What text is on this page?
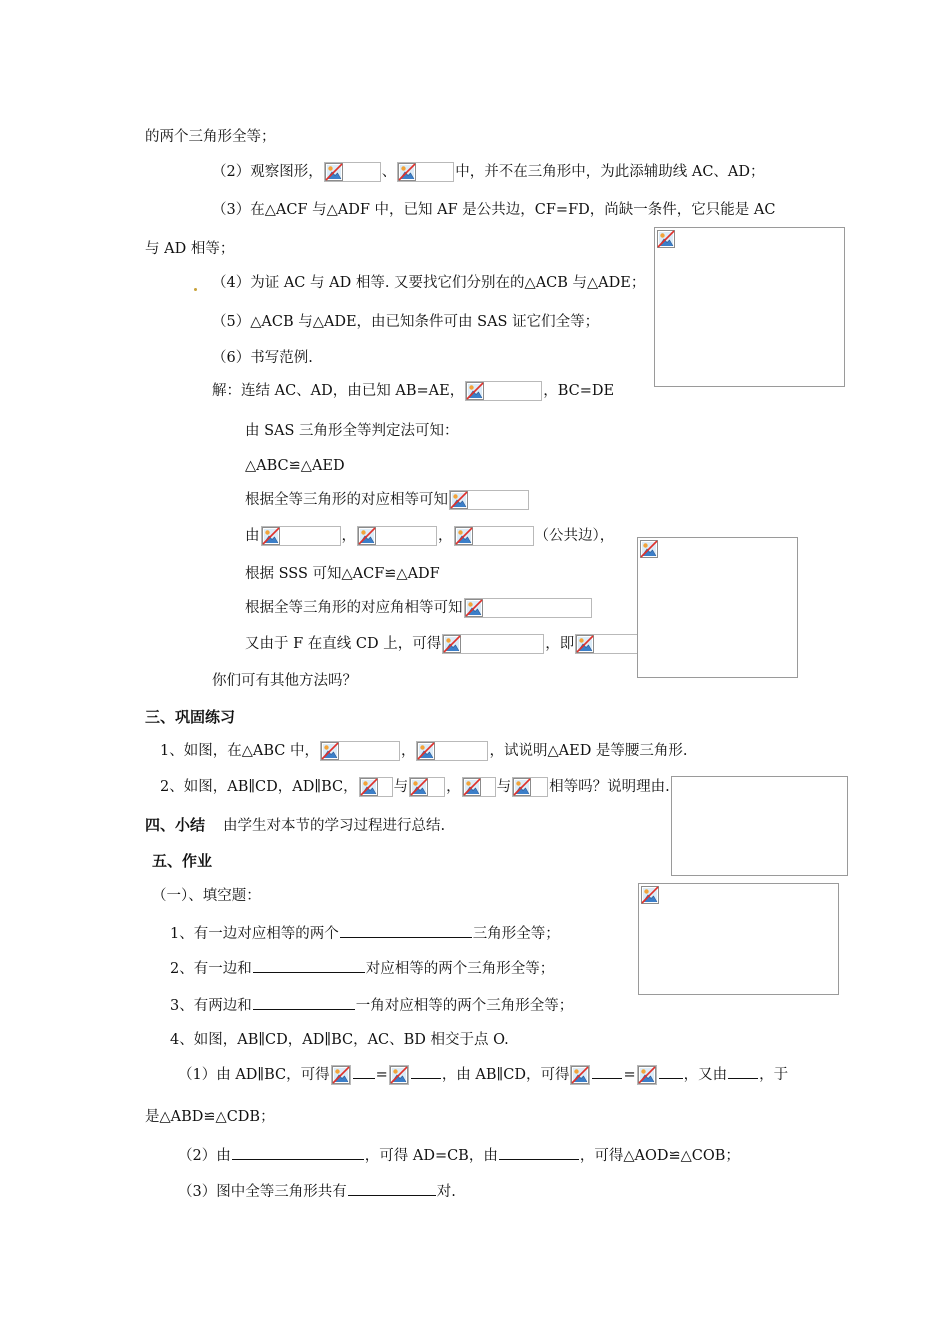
的两个三角形全等；
（2）观察图形，	、	中，并不在三角形中，为此添辅助线 AC、AD；
（3）在△ACF 与△ADF 中，已知 AF 是公共边，CF=FD，尚缺一条件，它只能是 AC
与 AD 相等；
（4）为证 AC 与 AD 相等. 又要找它们分别在的△ACB 与△ADE；
（5）△ACB 与△ADE，由已知条件可由 SAS 证它们全等；
（6）书写范例.
解：连结 AC、AD，由已知 AB=AE，	，BC=DE
由 SAS 三角形全等判定法可知：
△ABC≌△AED
根据全等三角形的对应相等可知
由	，	，	（公共边），
根据 SSS 可知△ACF≌△ADF
根据全等三角形的对应角相等可知
又由于 F 在直线 CD 上，可得	，即
你们可有其他方法吗？
三、巩固练习
1、如图，在△ABC 中，	，	，试说明△AED 是等腰三角形.
2、如图，AB∥CD，AD∥BC， 与	， 与	相等吗？说明理由.
四、小结 由学生对本节的学习过程进行总结.
五、作业
（一）、填空题：
1、有一边对应相等的两个	三角形全等；
2、有一边和	对应相等的两个三角形全等；
3、有两边和	一角对应相等的两个三角形全等；
4、如图，AB∥CD，AD∥BC，AC、BD 相交于点 O.
（1）由 AD∥BC，可得	=	，由 AB∥CD，可得	=	，又由 ，于
是△ABD≌△CDB；
（2）由	，可得 AD=CB，由	，可得△AOD≌△COB；
（3）图中全等三角形共有	对.
